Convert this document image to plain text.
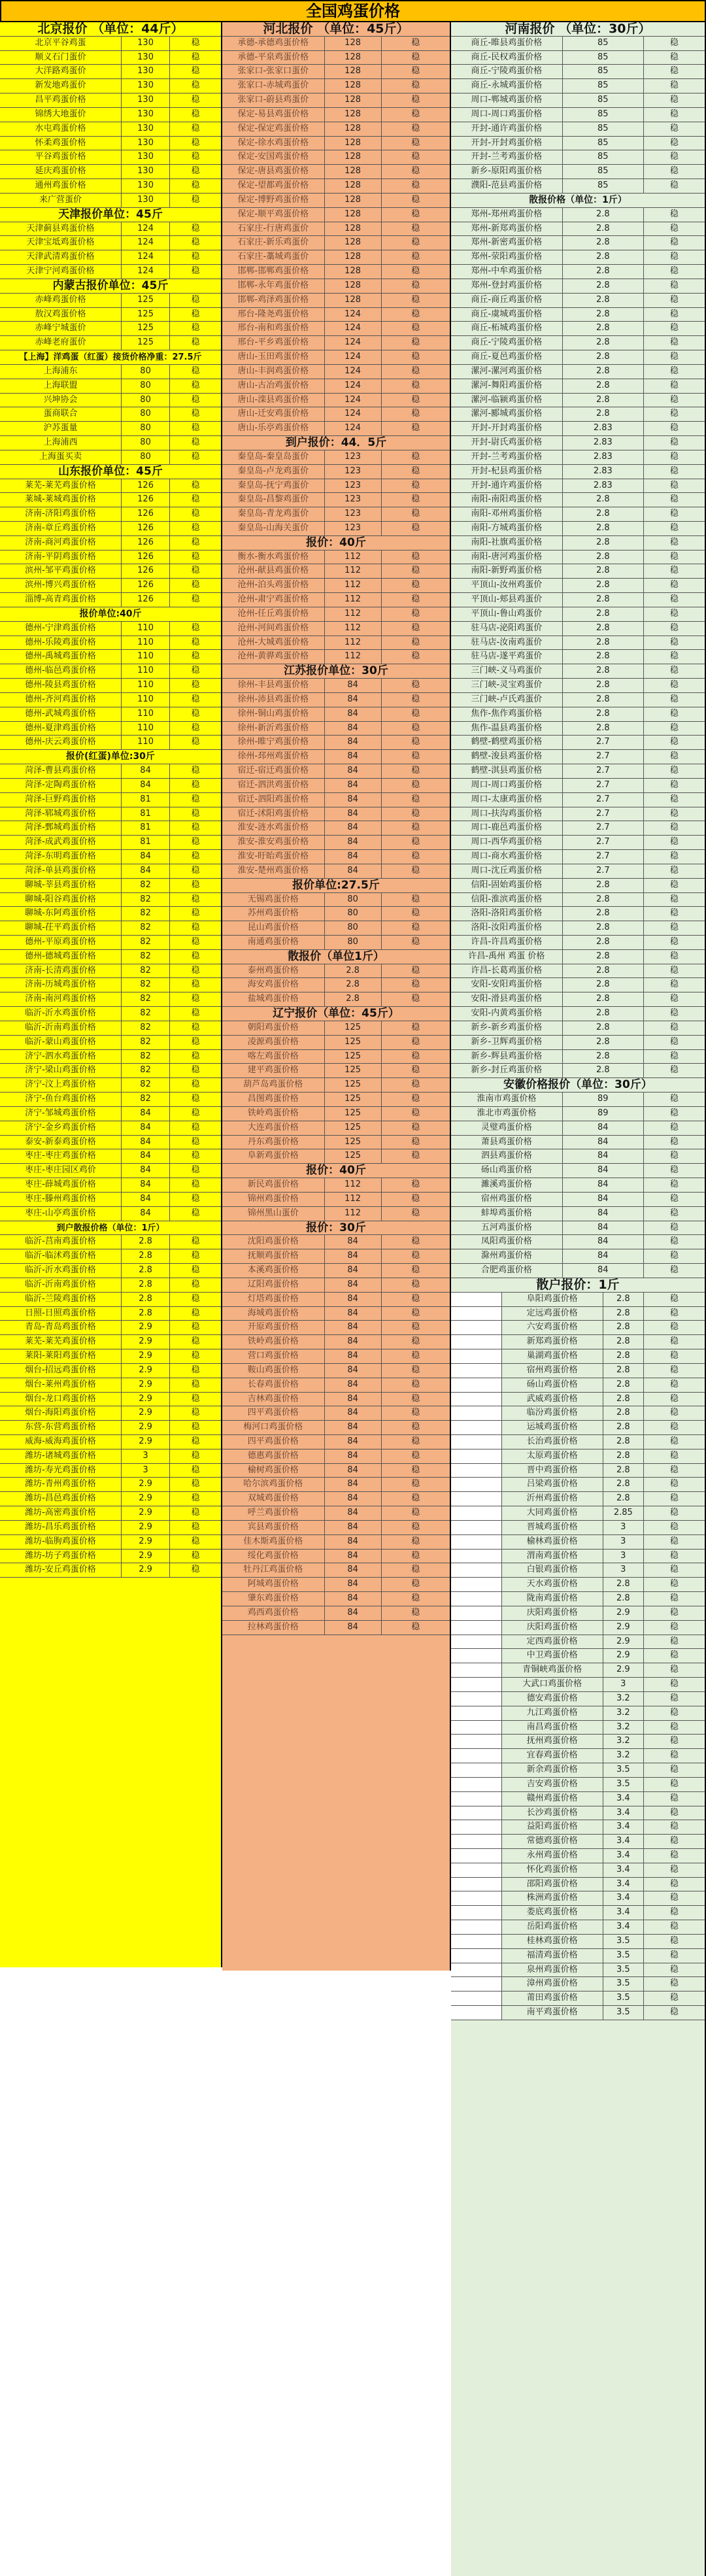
全国鸡蛋价格
北京报价 （单位：44斤）
北京平谷鸡蛋	130	稳
顺义石门蛋价	130	稳
大洋路鸡蛋价	130	稳
新发地鸡蛋价	130	稳
昌平鸡蛋价格	130	稳
锦绣大地蛋价	130	稳
水屯鸡蛋价格	130	稳
怀柔鸡蛋价格	130	稳
平谷鸡蛋价格	130	稳
延庆鸡蛋价格	130	稳
通州鸡蛋价格	130	稳
来广营蛋价	130	稳
天津报价单位：45斤
天津蓟县鸡蛋价格	124	稳
天津宝坻鸡蛋价格	124	稳
天津武清鸡蛋价格	124	稳
天津宁河鸡蛋价格	124	稳
内蒙古报价单位：45斤
赤峰鸡蛋价格	125	稳
敖汉鸡蛋价格	125	稳
赤峰宁城蛋价	125	稳
赤峰老府蛋价	125	稳
【上海】洋鸡蛋（红蛋）接货价格净重：27.5斤
上海浦东	80	稳
上海联盟	80	稳
兴坤协会	80	稳
蛋商联合	80	稳
沪苏蛋量	80	稳
上海浦西	80	稳
上海蛋买卖	80	稳
山东报价单位：45斤
莱芜-莱芜鸡蛋价格	126	稳
莱城-莱城鸡蛋价格	126	稳
济南-济阳鸡蛋价格	126	稳
济南-章丘鸡蛋价格	126	稳
济南-商河鸡蛋价格	126	稳
济南-平阴鸡蛋价格	126	稳
滨州-邹平鸡蛋价格	126	稳
滨州-博兴鸡蛋价格	126	稳
淄博-高青鸡蛋价格	126	稳
报价单位:40斤
德州-宁津鸡蛋价格	110	稳
德州-乐陵鸡蛋价格	110	稳
德州-禹城鸡蛋价格	110	稳
德州-临邑鸡蛋价格	110	稳
德州-陵县鸡蛋价格	110	稳
德州-齐河鸡蛋价格	110	稳
德州-武城鸡蛋价格	110	稳
德州-夏津鸡蛋价格	110	稳
德州-庆云鸡蛋价格	110	稳
报价(红蛋)单位:30斤
菏泽-曹县鸡蛋价格	84	稳
菏泽-定陶鸡蛋价格	84	稳
菏泽-巨野鸡蛋价格	81	稳
菏泽-郓城鸡蛋价格	81	稳
菏泽-鄄城鸡蛋价格	81	稳
菏泽-成武鸡蛋价格	81	稳
菏泽-东明鸡蛋价格	84	稳
菏泽-单县鸡蛋价格	84	稳
聊城-莘县鸡蛋价格	82	稳
聊城-阳谷鸡蛋价格	82	稳
聊城-东阿鸡蛋价格	82	稳
聊城-茌平鸡蛋价格	82	稳
德州-平原鸡蛋价格	82	稳
德州-德城鸡蛋价格	82	稳
济南-长清鸡蛋价格	82	稳
济南-历城鸡蛋价格	82	稳
济南-南河鸡蛋价格	82	稳
临沂-沂水鸡蛋价格	82	稳
临沂-沂南鸡蛋价格	82	稳
临沂-蒙山鸡蛋价格	82	稳
济宁-泗水鸡蛋价格	82	稳
济宁-梁山鸡蛋价格	82	稳
济宁-汶上鸡蛋价格	82	稳
济宁-鱼台鸡蛋价格	82	稳
济宁-邹城鸡蛋价格	84	稳
济宁-金乡鸡蛋价格	84	稳
泰安-新泰鸡蛋价格	84	稳
枣庄-枣庄鸡蛋价格	84	稳
枣庄-枣庄园区鸡价	84	稳
枣庄-薛城鸡蛋价格	84	稳
枣庄-滕州鸡蛋价格	84	稳
枣庄-山亭鸡蛋价格	84	稳
到户散报价格（单位：1斤）
临沂-莒南鸡蛋价格	2.8	稳
临沂-临沭鸡蛋价格	2.8	稳
临沂-沂水鸡蛋价格	2.8	稳
临沂-沂南鸡蛋价格	2.8	稳
临沂-兰陵鸡蛋价格	2.8	稳
日照-日照鸡蛋价格	2.8	稳
青岛-青岛鸡蛋价格	2.9	稳
莱芜-莱芜鸡蛋价格	2.9	稳
莱阳-莱阳鸡蛋价格	2.9	稳
烟台-招远鸡蛋价格	2.9	稳
烟台-莱州鸡蛋价格	2.9	稳
烟台-龙口鸡蛋价格	2.9	稳
烟台-海阳鸡蛋价格	2.9	稳
东营-东营鸡蛋价格	2.9	稳
威海-威海鸡蛋价格	2.9	稳
潍坊-诸城鸡蛋价格	3	稳
潍坊-寿光鸡蛋价格	3	稳
潍坊-青州鸡蛋价格	2.9	稳
潍坊-昌邑鸡蛋价格	2.9	稳
潍坊-高密鸡蛋价格	2.9	稳
潍坊-昌乐鸡蛋价格	2.9	稳
潍坊-临朐鸡蛋价格	2.9	稳
潍坊-坊子鸡蛋价格	2.9	稳
潍坊-安丘鸡蛋价格	2.9	稳
河北报价 （单位：45斤）
承德-承德鸡蛋价格	128	稳
承德-平泉鸡蛋价格	128	稳
张家口-张家口蛋价	128	稳
张家口-赤城鸡蛋价	128	稳
张家口-蔚县鸡蛋价	128	稳
保定-易县鸡蛋价格	128	稳
保定-保定鸡蛋价格	128	稳
保定-徐水鸡蛋价格	128	稳
保定-安国鸡蛋价格	128	稳
保定-唐县鸡蛋价格	128	稳
保定-望都鸡蛋价格	128	稳
保定-博野鸡蛋价格	128	稳
保定-顺平鸡蛋价格	128	稳
石家庄-行唐鸡蛋价	128	稳
石家庄-新乐鸡蛋价	128	稳
石家庄-藁城鸡蛋价	128	稳
邯郸-邯郸鸡蛋价格	128	稳
邯郸-永年鸡蛋价格	128	稳
邯郸-鸡泽鸡蛋价格	128	稳
邢台-隆尧鸡蛋价格	124	稳
邢台-南和鸡蛋价格	124	稳
邢台-平乡鸡蛋价格	124	稳
唐山-玉田鸡蛋价格	124	稳
唐山-丰润鸡蛋价格	124	稳
唐山-古冶鸡蛋价格	124	稳
唐山-滦县鸡蛋价格	124	稳
唐山-迁安鸡蛋价格	124	稳
唐山-乐亭鸡蛋价格	124	稳
到户报价：44．5斤
秦皇岛-秦皇岛蛋价	123	稳
秦皇岛-卢龙鸡蛋价	123	稳
秦皇岛-抚宁鸡蛋价	123	稳
秦皇岛-昌黎鸡蛋价	123	稳
秦皇岛-青龙鸡蛋价	123	稳
秦皇岛-山海关蛋价	123	稳
报价：40斤
衡水-衡水鸡蛋价格	112	稳
沧州-献县鸡蛋价格	112	稳
沧州-泊头鸡蛋价格	112	稳
沧州-肃宁鸡蛋价格	112	稳
沧州-任丘鸡蛋价格	112	稳
沧州-河间鸡蛋价格	112	稳
沧州-大城鸡蛋价格	112	稳
沧州-黄骅鸡蛋价格	112	稳
江苏报价单位：30斤
徐州-丰县鸡蛋价格	84	稳
徐州-沛县鸡蛋价格	84	稳
徐州-铜山鸡蛋价格	84	稳
徐州-新沂鸡蛋价格	84	稳
徐州-睢宁鸡蛋价格	84	稳
徐州-邳州鸡蛋价格	84	稳
宿迁-宿迁鸡蛋价格	84	稳
宿迁-泗洪鸡蛋价格	84	稳
宿迁-泗阳鸡蛋价格	84	稳
宿迁-沭阳鸡蛋价格	84	稳
淮安-涟水鸡蛋价格	84	稳
淮安-淮安鸡蛋价格	84	稳
淮安-盱眙鸡蛋价格	84	稳
淮安-楚州鸡蛋价格	84	稳
报价单位:27.5斤
无锡鸡蛋价格	80	稳
苏州鸡蛋价格	80	稳
昆山鸡蛋价格	80	稳
南通鸡蛋价格	80	稳
散报价（单位1斤）
泰州鸡蛋价格	2.8	稳
海安鸡蛋价格	2.8	稳
盐城鸡蛋价格	2.8	稳
辽宁报价（单位：45斤）
朝阳鸡蛋价格	125	稳
凌源鸡蛋价格	125	稳
喀左鸡蛋价格	125	稳
建平鸡蛋价格	125	稳
葫芦岛鸡蛋价格	125	稳
昌图鸡蛋价格	125	稳
铁岭鸡蛋价格	125	稳
大连鸡蛋价格	125	稳
丹东鸡蛋价格	125	稳
阜新鸡蛋价格	125	稳
报价：40斤
新民鸡蛋价格	112	稳
锦州鸡蛋价格	112	稳
锦州黑山蛋价	112	稳
报价：30斤
沈阳鸡蛋价格	84	稳
抚顺鸡蛋价格	84	稳
本溪鸡蛋价格	84	稳
辽阳鸡蛋价格	84	稳
灯塔鸡蛋价格	84	稳
海城鸡蛋价格	84	稳
开原鸡蛋价格	84	稳
铁岭鸡蛋价格	84	稳
营口鸡蛋价格	84	稳
鞍山鸡蛋价格	84	稳
长春鸡蛋价格	84	稳
吉林鸡蛋价格	84	稳
四平鸡蛋价格	84	稳
梅河口鸡蛋价格	84	稳
四平鸡蛋价格	84	稳
德惠鸡蛋价格	84	稳
榆树鸡蛋价格	84	稳
哈尔滨鸡蛋价格	84	稳
双城鸡蛋价格	84	稳
呼兰鸡蛋价格	84	稳
宾县鸡蛋价格	84	稳
佳木斯鸡蛋价格	84	稳
绥化鸡蛋价格	84	稳
牡丹江鸡蛋价格	84	稳
阿城鸡蛋价格	84	稳
肇东鸡蛋价格	84	稳
鸡西鸡蛋价格	84	稳
拉林鸡蛋价格	84	稳
河南报价 （单位：30斤）
商丘-睢县鸡蛋价格	85	稳
商丘-民权鸡蛋价格	85	稳
商丘-宁陵鸡蛋价格	85	稳
商丘-永城鸡蛋价格	85	稳
周口-郸城鸡蛋价格	85	稳
周口-周口鸡蛋价格	85	稳
开封-通许鸡蛋价格	85	稳
开封-开封鸡蛋价格	85	稳
开封-兰考鸡蛋价格	85	稳
新乡-原阳鸡蛋价格	85	稳
濮阳-范县鸡蛋价格	85	稳
散报价格（单位：1斤）
郑州-郑州鸡蛋价格	2.8	稳
郑州-新郑鸡蛋价格	2.8	稳
郑州-新密鸡蛋价格	2.8	稳
郑州-荥阳鸡蛋价格	2.8	稳
郑州-中牟鸡蛋价格	2.8	稳
郑州-登封鸡蛋价格	2.8	稳
商丘-商丘鸡蛋价格	2.8	稳
商丘-虞城鸡蛋价格	2.8	稳
商丘-柘城鸡蛋价格	2.8	稳
商丘-宁陵鸡蛋价格	2.8	稳
商丘-夏邑鸡蛋价格	2.8	稳
漯河-漯河鸡蛋价格	2.8	稳
漯河-舞阳鸡蛋价格	2.8	稳
漯河-临颍鸡蛋价格	2.8	稳
漯河-郾城鸡蛋价格	2.8	稳
开封-开封鸡蛋价格	2.83	稳
开封-尉氏鸡蛋价格	2.83	稳
开封-兰考鸡蛋价格	2.83	稳
开封-杞县鸡蛋价格	2.83	稳
开封-通许鸡蛋价格	2.83	稳
南阳-南阳鸡蛋价格	2.8	稳
南阳-邓州鸡蛋价格	2.8	稳
南阳-方城鸡蛋价格	2.8	稳
南阳-社旗鸡蛋价格	2.8	稳
南阳-唐河鸡蛋价格	2.8	稳
南阳-新野鸡蛋价格	2.8	稳
平顶山-汝州鸡蛋价	2.8	稳
平顶山-郏县鸡蛋价	2.8	稳
平顶山-鲁山鸡蛋价	2.8	稳
驻马店-泌阳鸡蛋价	2.8	稳
驻马店-汝南鸡蛋价	2.8	稳
驻马店-遂平鸡蛋价	2.8	稳
三门峡-义马鸡蛋价	2.8	稳
三门峡-灵宝鸡蛋价	2.8	稳
三门峡-卢氏鸡蛋价	2.8	稳
焦作-焦作鸡蛋价格	2.8	稳
焦作-温县鸡蛋价格	2.8	稳
鹤壁-鹤壁鸡蛋价格	2.7	稳
鹤壁-浚县鸡蛋价格	2.7	稳
鹤壁-淇县鸡蛋价格	2.7	稳
周口-周口鸡蛋价格	2.7	稳
周口-太康鸡蛋价格	2.7	稳
周口-扶沟鸡蛋价格	2.7	稳
周口-鹿邑鸡蛋价格	2.7	稳
周口-西华鸡蛋价格	2.7	稳
周口-商水鸡蛋价格	2.7	稳
周口-沈丘鸡蛋价格	2.7	稳
信阳-固始鸡蛋价格	2.8	稳
信阳-淮滨鸡蛋价格	2.8	稳
洛阳-洛阳鸡蛋价格	2.8	稳
洛阳-汝阳鸡蛋价格	2.8	稳
许昌-许昌鸡蛋价格	2.8	稳
许昌-禹州 鸡蛋 价格	2.8	稳
许昌-长葛鸡蛋价格	2.8	稳
安阳-安阳鸡蛋价格	2.8	稳
安阳-滑县鸡蛋价格	2.8	稳
安阳-内黄鸡蛋价格	2.8	稳
新乡-新乡鸡蛋价格	2.8	稳
新乡-卫辉鸡蛋价格	2.8	稳
新乡-辉县鸡蛋价格	2.8	稳
新乡-封丘鸡蛋价格	2.8	稳
安徽价格报价（单位：30斤）
淮南市鸡蛋价格	89	稳
淮北市鸡蛋价格	89	稳
灵璧鸡蛋价格	84	稳
萧县鸡蛋价格	84	稳
泗县鸡蛋价格	84	稳
砀山鸡蛋价格	84	稳
濉溪鸡蛋价格	84	稳
宿州鸡蛋价格	84	稳
蚌埠鸡蛋价格	84	稳
五河鸡蛋价格	84	稳
凤阳鸡蛋价格	84	稳
滁州鸡蛋价格	84	稳
合肥鸡蛋价格	84	稳
散户报价：1斤
阜阳鸡蛋价格	2.8	稳
定远鸡蛋价格	2.8	稳
六安鸡蛋价格	2.8	稳
新郑鸡蛋价格	2.8	稳
巢湖鸡蛋价格	2.8	稳
宿州鸡蛋价格	2.8	稳
砀山鸡蛋价格	2.8	稳
武威鸡蛋价格	2.8	稳
临汾鸡蛋价格	2.8	稳
运城鸡蛋价格	2.8	稳
长治鸡蛋价格	2.8	稳
太原鸡蛋价格	2.8	稳
晋中鸡蛋价格	2.8	稳
吕梁鸡蛋价格	2.8	稳
沂州鸡蛋价格	2.8	稳
大同鸡蛋价格	2.85	稳
晋城鸡蛋价格	3	稳
榆林鸡蛋价格	3	稳
渭南鸡蛋价格	3	稳
白银鸡蛋价格	3	稳
天水鸡蛋价格	2.8	稳
陇南鸡蛋价格	2.8	稳
庆阳鸡蛋价格	2.9	稳
庆阳鸡蛋价格	2.9	稳
定西鸡蛋价格	2.9	稳
中卫鸡蛋价格	2.9	稳
青铜峡鸡蛋价格	2.9	稳
大武口鸡蛋价格	3	稳
德安鸡蛋价格	3.2	稳
九江鸡蛋价格	3.2	稳
南昌鸡蛋价格	3.2	稳
抚州鸡蛋价格	3.2	稳
宜春鸡蛋价格	3.2	稳
新余鸡蛋价格	3.5	稳
吉安鸡蛋价格	3.5	稳
赣州鸡蛋价格	3.4	稳
长沙鸡蛋价格	3.4	稳
益阳鸡蛋价格	3.4	稳
常德鸡蛋价格	3.4	稳
永州鸡蛋价格	3.4	稳
怀化鸡蛋价格	3.4	稳
邵阳鸡蛋价格	3.4	稳
株洲鸡蛋价格	3.4	稳
娄底鸡蛋价格	3.4	稳
岳阳鸡蛋价格	3.4	稳
桂林鸡蛋价格	3.5	稳
福清鸡蛋价格	3.5	稳
泉州鸡蛋价格	3.5	稳
漳州鸡蛋价格	3.5	稳
莆田鸡蛋价格	3.5	稳
南平鸡蛋价格	3.5	稳
